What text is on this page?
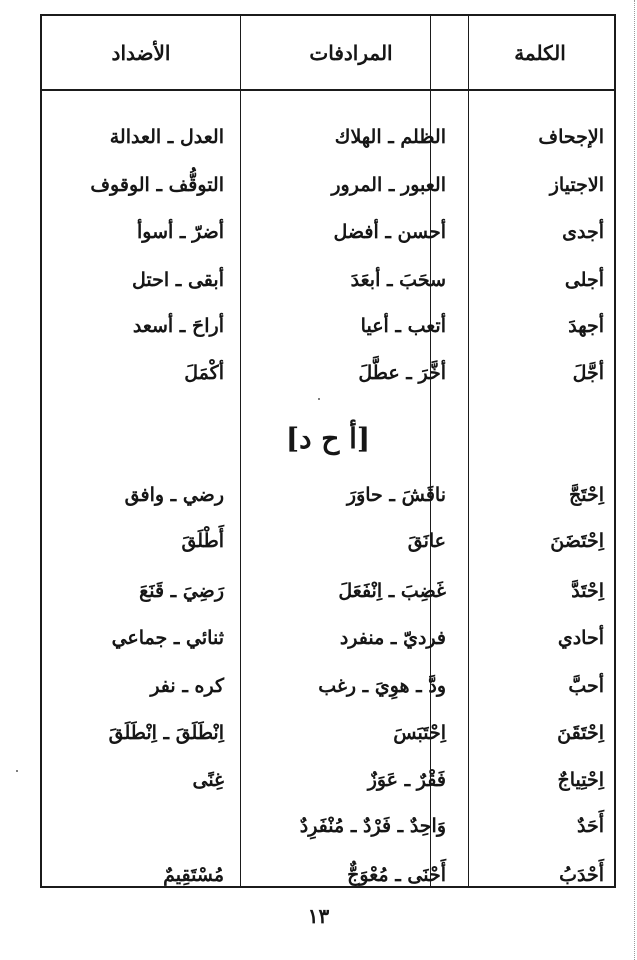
الكلمة
المرادفات
الأضداد
الإجحاف
الظلم ـ الهلاك
العدل ـ العدالة
الاجتياز
العبور ـ المرور
التوقُّف ـ الوقوف
أجدى
أحسن ـ أفضل
أضرّ ـ أسوأ
أجلى
سحَبَ ـ أبعَدَ
أبقى ـ احتل
أجهدَ
أتعب ـ أعيا
أراحَ ـ أسعد
أجَّلَ
أخَّرَ ـ عطَّلَ
أكْمَلَ
[أ ح د]
اِحْتَجَّ
ناقَشَ ـ حاوَرَ
رضي ـ وافق
اِحْتَضَنَ
عانَقَ
أَطْلَقَ
اِحْتَدَّ
غَضِبَ ـ اِنْفَعَلَ
رَضِيَ ـ قَنَعَ
أحادي
فرديّ ـ منفرد
ثنائي ـ جماعي
أحبَّ
ودَّ ـ هوِيَ ـ رغب
كره ـ نفر
اِحْتَقَنَ
اِحْتَبَسَ
اِنْطَلَقَ ـ اِنْطَلَقَ
اِحْتِياجٌ
فَقْرٌ ـ عَوَزٌ
غِنًى
أَحَدٌ
وَاحِدٌ ـ فَرْدٌ ـ مُنْفَرِدٌ
أَحْدَبُ
أَحْنَى ـ مُعْوَجٌّ
مُسْتَقِيمٌ
١٣
